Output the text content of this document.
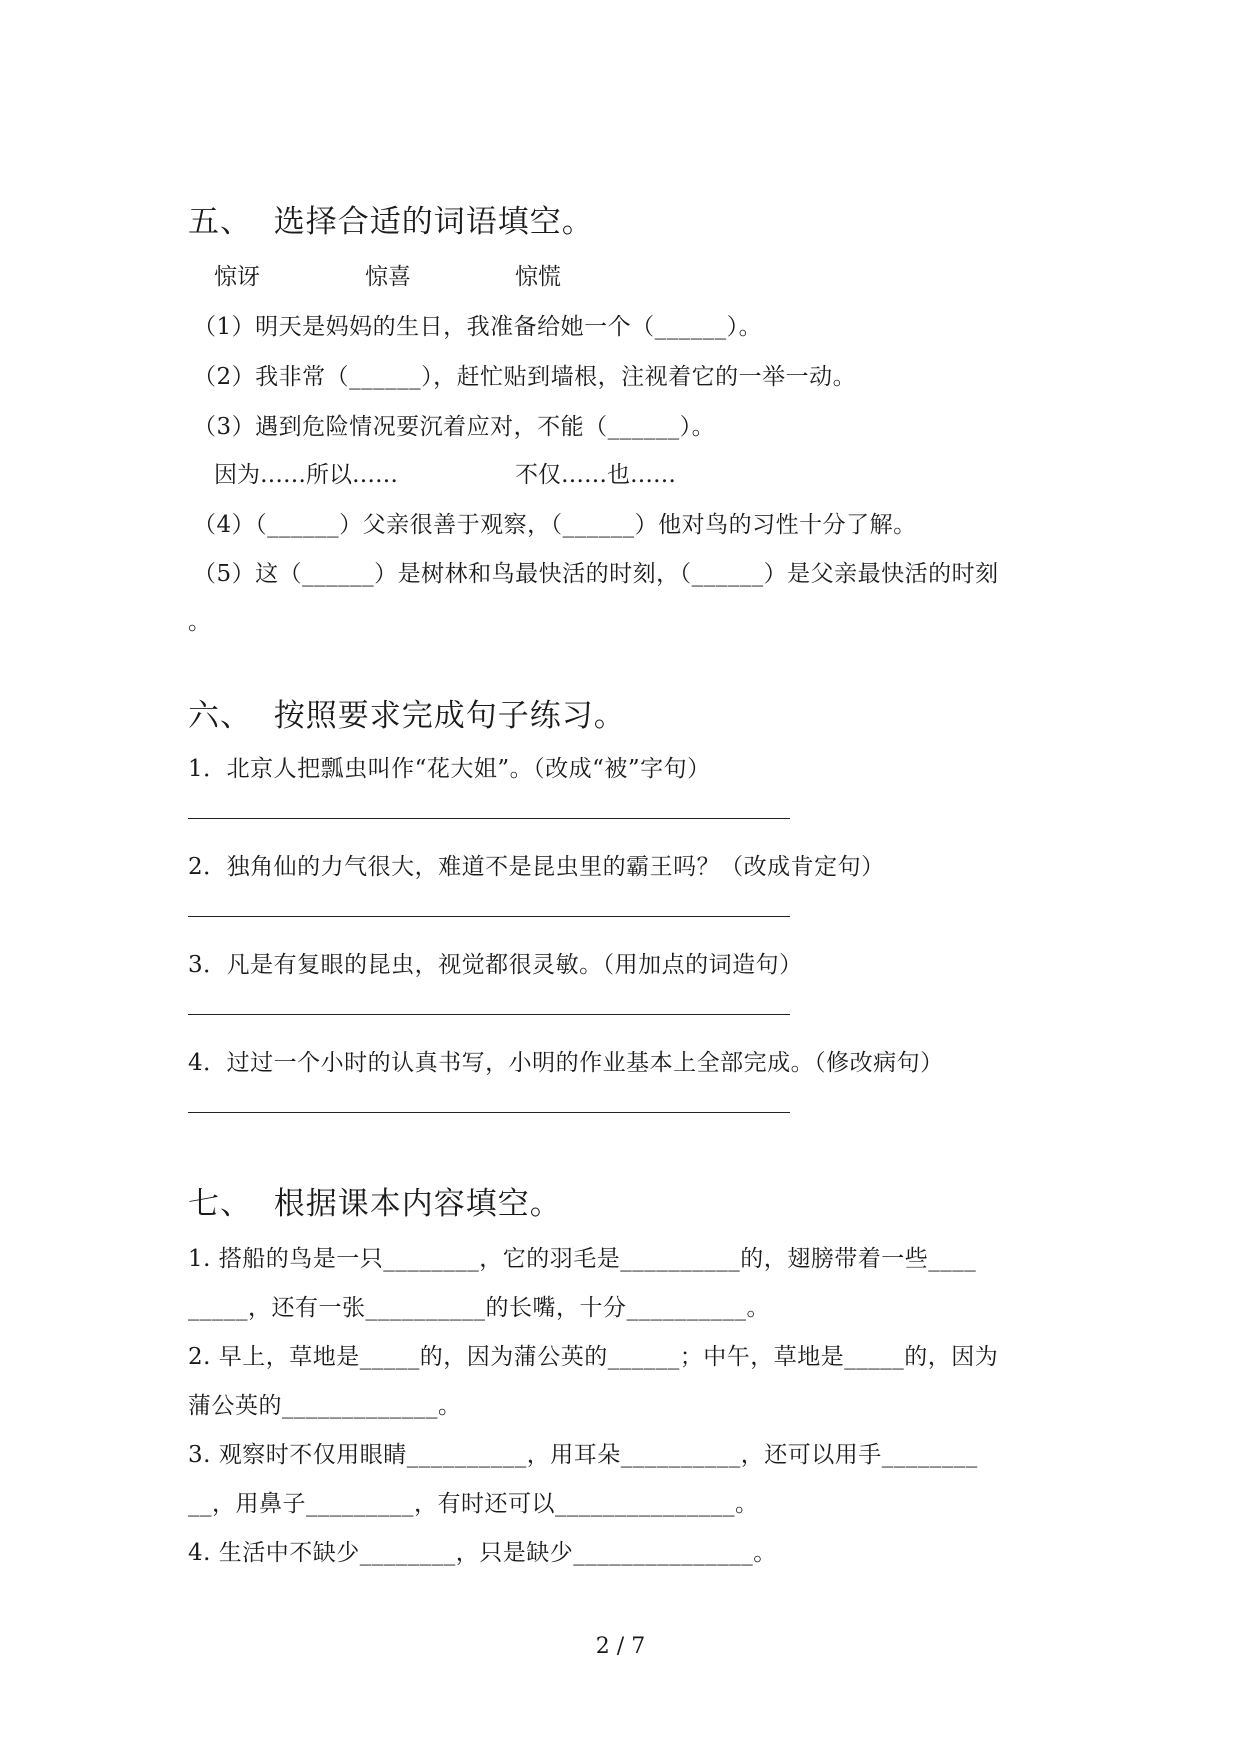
五、  选择合适的词语填空。
惊讶	惊喜	惊慌
（1）明天是妈妈的生日，我准备给她一个（______）。
（2）我非常（______），赶忙贴到墙根，注视着它的一举一动。
（3）遇到危险情况要沉着应对，不能（______）。
因为……所以……	不仅……也……
（4）（______）父亲很善于观察，（______）他对鸟的习性十分了解。
（5）这（______）是树林和鸟最快活的时刻，（______）是父亲最快活的时刻
。
六、  按照要求完成句子练习。
1．北京人把瓢虫叫作“花大姐”。（改成“被”字句）
2．独角仙的力气很大，难道不是昆虫里的霸王吗？（改成肯定句）
3．凡是有复眼的昆虫，视觉都很灵敏。（用加点的词造句）
4．过过一个小时的认真书写，小明的作业基本上全部完成。（修改病句）
七、  根据课本内容填空。
1. 搭船的鸟是一只________，它的羽毛是__________的，翅膀带着一些____
_____，还有一张__________的长嘴，十分__________。
2. 早上，草地是_____的，因为蒲公英的______；中午，草地是_____的，因为
蒲公英的_____________。
3. 观察时不仅用眼睛__________，用耳朵__________，还可以用手________
__，用鼻子_________，有时还可以_______________。
4. 生活中不缺少________，只是缺少_______________。
2 / 7
